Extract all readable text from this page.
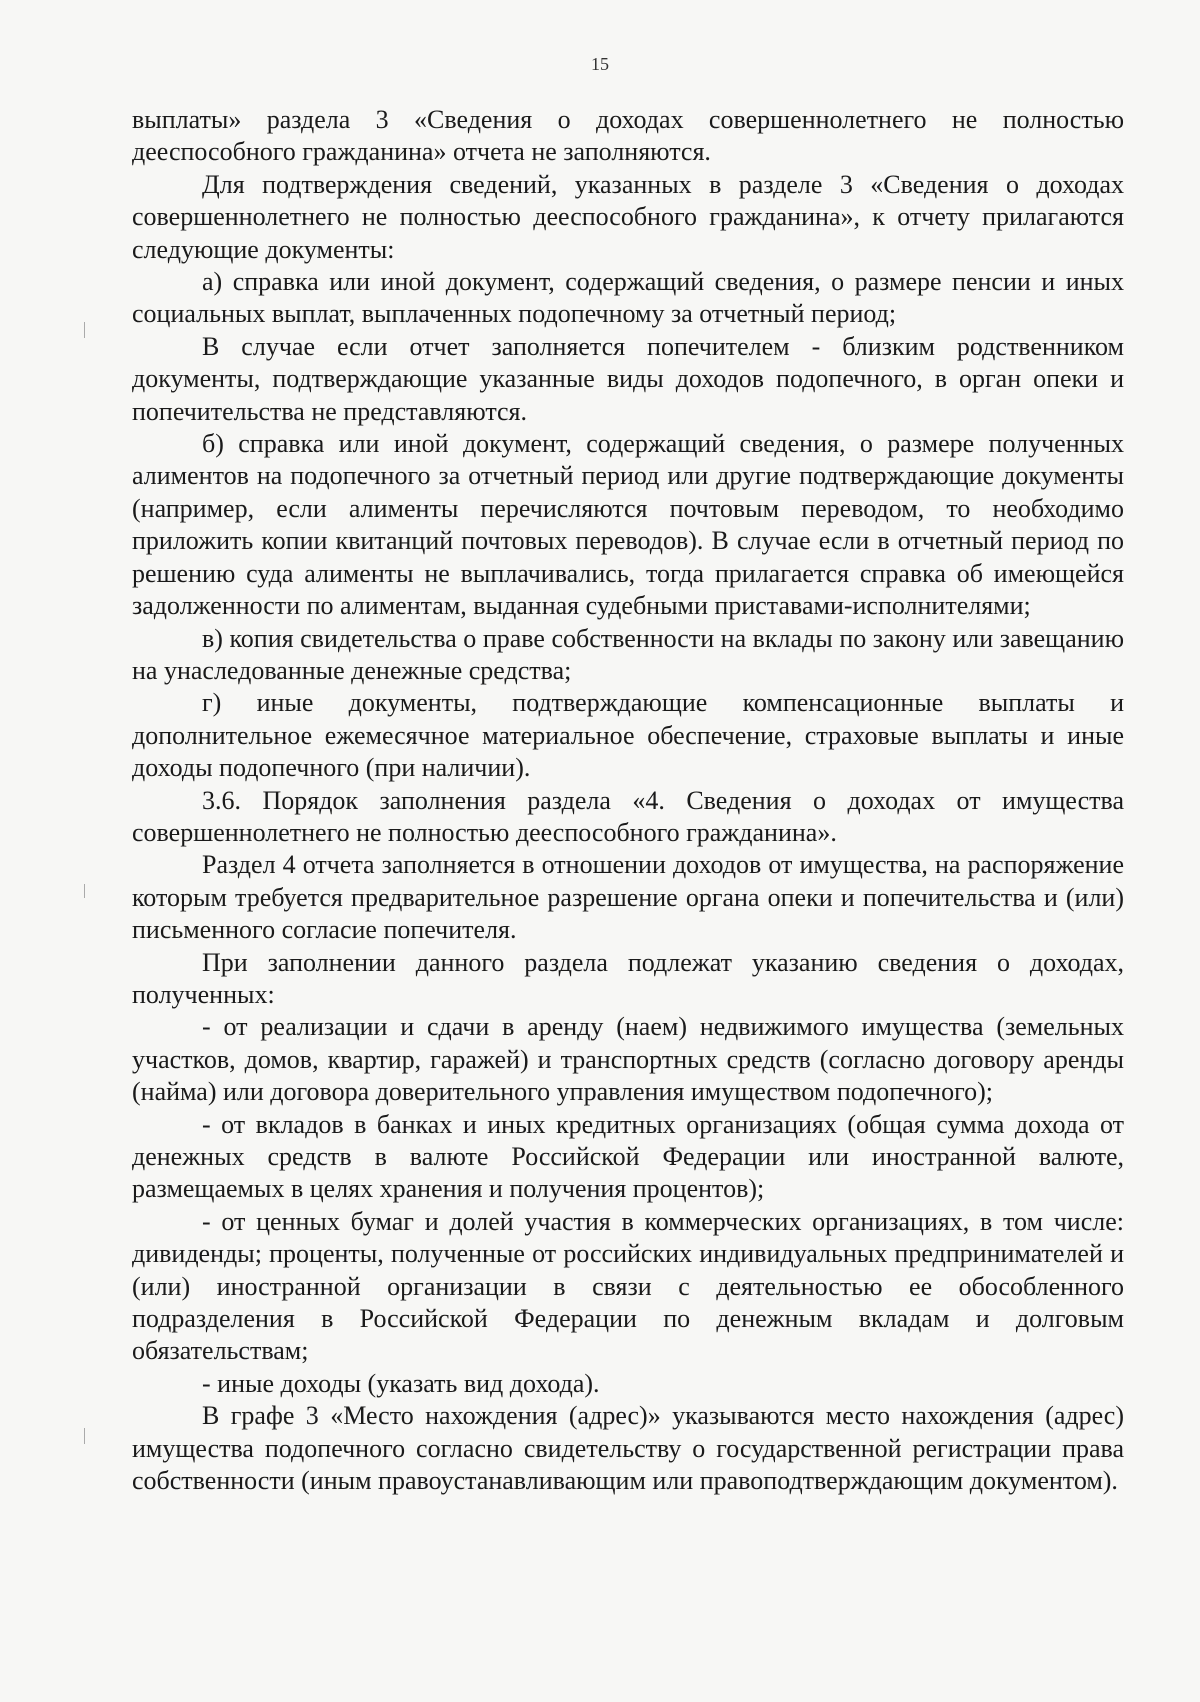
15

выплаты» раздела 3 «Сведения о доходах совершеннолетнего не полностью дееспособного гражданина» отчета не заполняются.

Для подтверждения сведений, указанных в разделе 3 «Сведения о доходах совершеннолетнего не полностью дееспособного гражданина», к отчету прилагаются следующие документы:

а) справка или иной документ, содержащий сведения, о размере пенсии и иных социальных выплат, выплаченных подопечному за отчетный период;

В случае если отчет заполняется попечителем - близким родственником документы, подтверждающие указанные виды доходов подопечного, в орган опеки и попечительства не представляются.

б) справка или иной документ, содержащий сведения, о размере полученных алиментов на подопечного за отчетный период или другие подтверждающие документы (например, если алименты перечисляются почтовым переводом, то необходимо приложить копии квитанций почтовых переводов). В случае если в отчетный период по решению суда алименты не выплачивались, тогда прилагается справка об имеющейся задолженности по алиментам, выданная судебными приставами-исполнителями;

в) копия свидетельства о праве собственности на вклады по закону или завещанию на унаследованные денежные средства;

г) иные документы, подтверждающие компенсационные выплаты и дополнительное ежемесячное материальное обеспечение, страховые выплаты и иные доходы подопечного (при наличии).

3.6. Порядок заполнения раздела «4. Сведения о доходах от имущества совершеннолетнего не полностью дееспособного гражданина».

Раздел 4 отчета заполняется в отношении доходов от имущества, на распоряжение которым требуется предварительное разрешение органа опеки и попечительства и (или) письменного согласие попечителя.

При заполнении данного раздела подлежат указанию сведения о доходах, полученных:

- от реализации и сдачи в аренду (наем) недвижимого имущества (земельных участков, домов, квартир, гаражей) и транспортных средств (согласно договору аренды (найма) или договора доверительного управления имуществом подопечного);

- от вкладов в банках и иных кредитных организациях (общая сумма дохода от денежных средств в валюте Российской Федерации или иностранной валюте, размещаемых в целях хранения и получения процентов);

- от ценных бумаг и долей участия в коммерческих организациях, в том числе: дивиденды; проценты, полученные от российских индивидуальных предпринимателей и (или) иностранной организации в связи с деятельностью ее обособленного подразделения в Российской Федерации по денежным вкладам и долговым обязательствам;

- иные доходы (указать вид дохода).

В графе 3 «Место нахождения (адрес)» указываются место нахождения (адрес) имущества подопечного согласно свидетельству о государственной регистрации права собственности (иным правоустанавливающим или правоподтверждающим документом).
